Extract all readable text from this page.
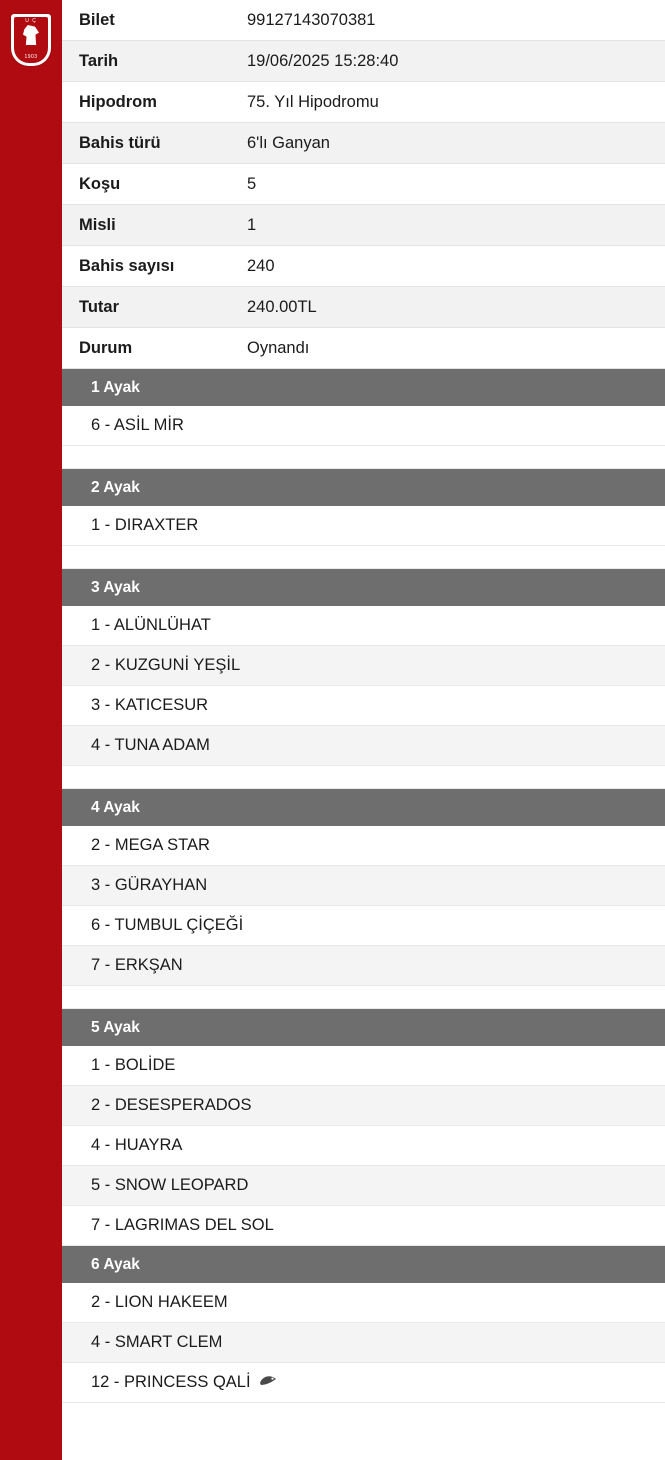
U Ç
1903
Bilet	99127143070381
Tarih	19/06/2025 15:28:40
Hipodrom	75. Yıl Hipodromu
Bahis türü	6'lı Ganyan
Koşu	5
Misli	1
Bahis sayısı	240
Tutar	240.00TL
Durum	Oynandı
1 Ayak
6 - ASİL MİR
2 Ayak
1 - DIRAXTER
3 Ayak
1 - ALÜNLÜHAT
2 - KUZGUNİ YEŞİL
3 - KATICESUR
4 - TUNA ADAM
4 Ayak
2 - MEGA STAR
3 - GÜRAYHAN
6 - TUMBUL ÇİÇEĞİ
7 - ERKŞAN
5 Ayak
1 - BOLİDE
2 - DESESPERADOS
4 - HUAYRA
5 - SNOW LEOPARD
7 - LAGRIMAS DEL SOL
6 Ayak
2 - LION HAKEEM
4 - SMART CLEM
12 - PRINCESS QALİ
